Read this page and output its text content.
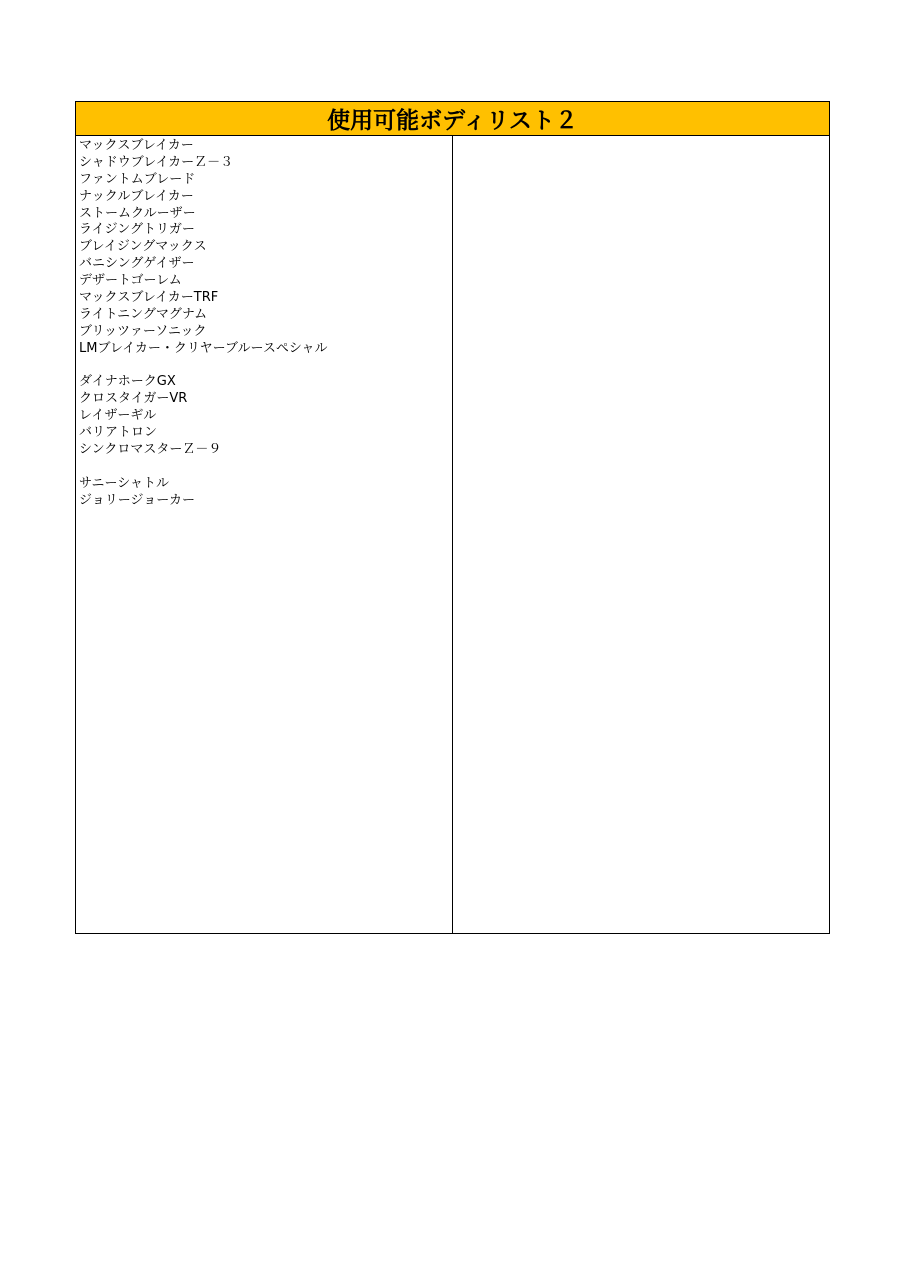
使用可能ボディリスト２
マックスブレイカー
シャドウブレイカーＺ－３
ファントムブレード
ナックルブレイカー
ストームクルーザー
ライジングトリガー
ブレイジングマックス
バニシングゲイザー
デザートゴーレム
マックスブレイカーTRF
ライトニングマグナム
ブリッツァーソニック
LMブレイカー・クリヤーブルースペシャル
ダイナホークGX
クロスタイガーVR
レイザーギル
バリアトロン
シンクロマスターＺ－９
サニーシャトル
ジョリージョーカー
